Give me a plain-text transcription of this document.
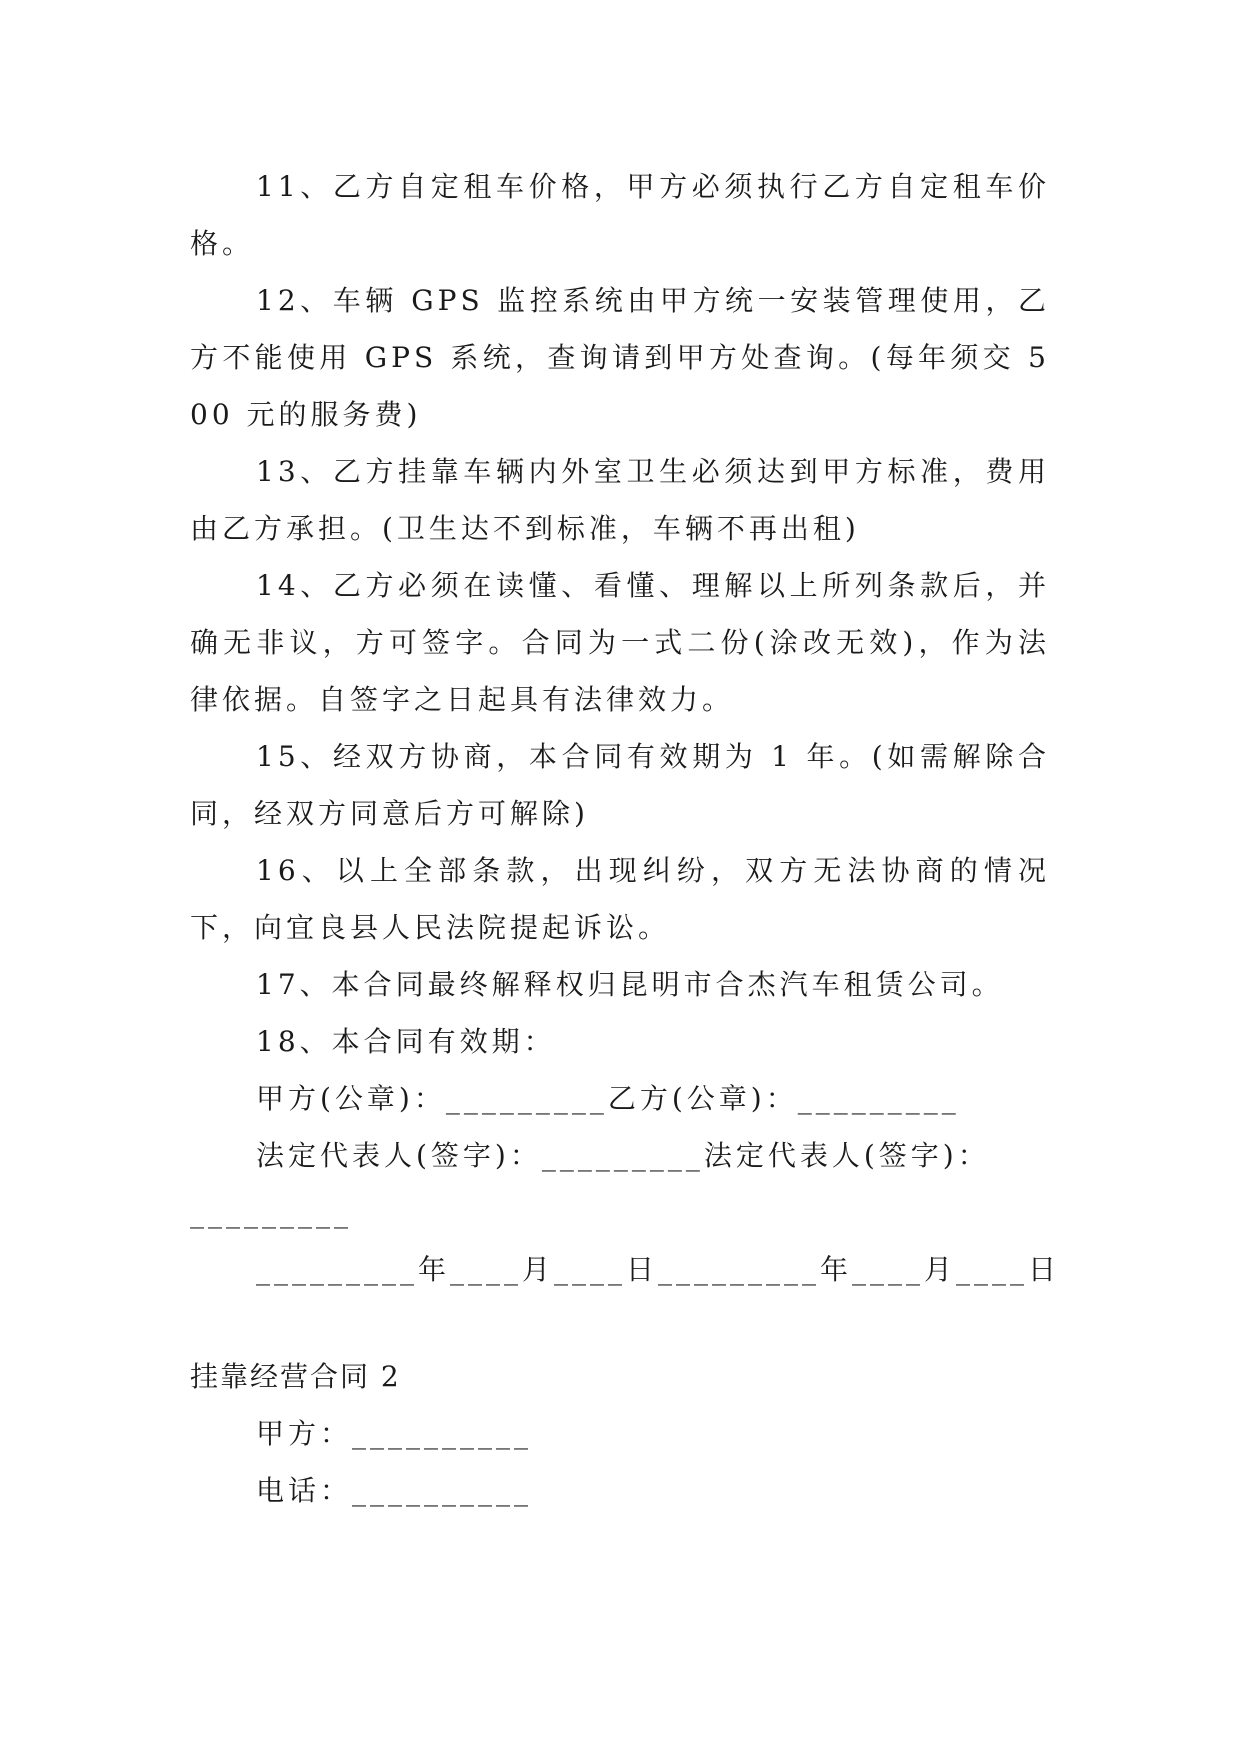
11、乙方自定租车价格，甲方必须执行乙方自定租车价格。

12、车辆 GPS 监控系统由甲方统一安装管理使用，乙方不能使用 GPS 系统，查询请到甲方处查询。(每年须交 500 元的服务费)

13、乙方挂靠车辆内外室卫生必须达到甲方标准，费用由乙方承担。(卫生达不到标准，车辆不再出租)

14、乙方必须在读懂、看懂、理解以上所列条款后，并确无非议，方可签字。合同为一式二份(涂改无效)，作为法律依据。自签字之日起具有法律效力。

15、经双方协商，本合同有效期为 1 年。(如需解除合同，经双方同意后方可解除)

16、以上全部条款，出现纠纷，双方无法协商的情况下，向宜良县人民法院提起诉讼。

17、本合同最终解释权归昆明市合杰汽车租赁公司。

18、本合同有效期：

甲方(公章)：_________乙方(公章)：_________

法定代表人(签字)：_________法定代表人(签字)：

_________

_________年____月____日_________年____月____日

挂靠经营合同 2

甲方：__________

电话：__________
